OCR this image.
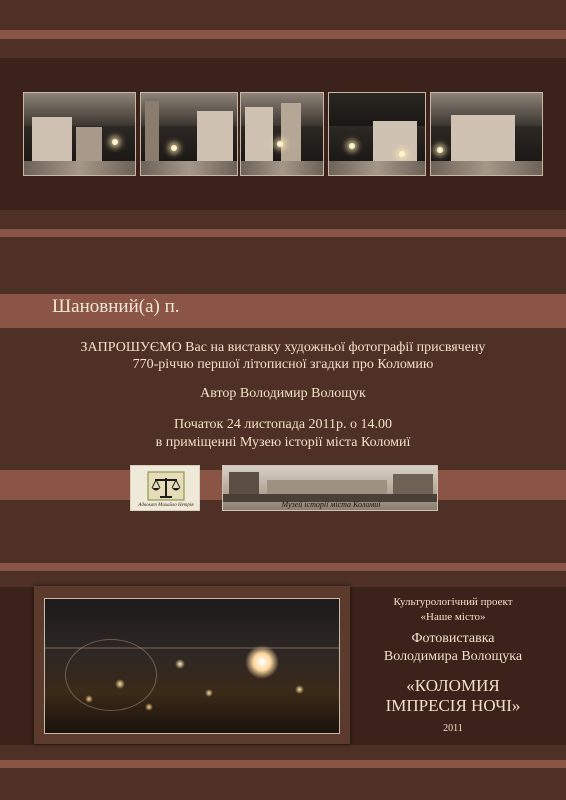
Шановний(а) п.
ЗАПРОШУЄМО Вас на виставку художньої фотографії присвячену
770-річчю першої літописної згадки про Коломию
Автор Володимир Волощук
Початок 24 листопада 2011р. о 14.00
в приміщенні Музею історії міста Коломиї
Адвокат Михайло Нетрія	Музей історії міста Коломиї
Культурологічний проект
«Наше місто»
Фотовиставка
Володимира Волощука
«КОЛОМИЯ
ІМПРЕСІЯ НОЧІ»
2011
